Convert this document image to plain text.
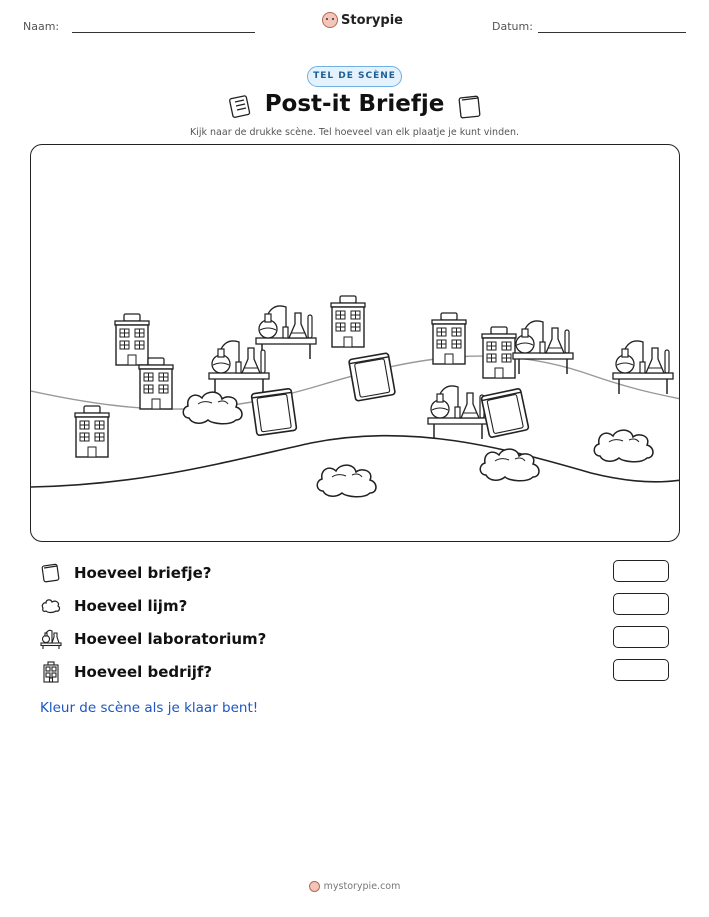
Naam:	Storypie	Datum:
TEL DE SCÈNE
Post-it Briefje
Kijk naar de drukke scène. Tel hoeveel van elk plaatje je kunt vinden.
Hoeveel briefje?
Hoeveel lijm?
Hoeveel laboratorium?
Hoeveel bedrijf?
Kleur de scène als je klaar bent!
mystorypie.com
